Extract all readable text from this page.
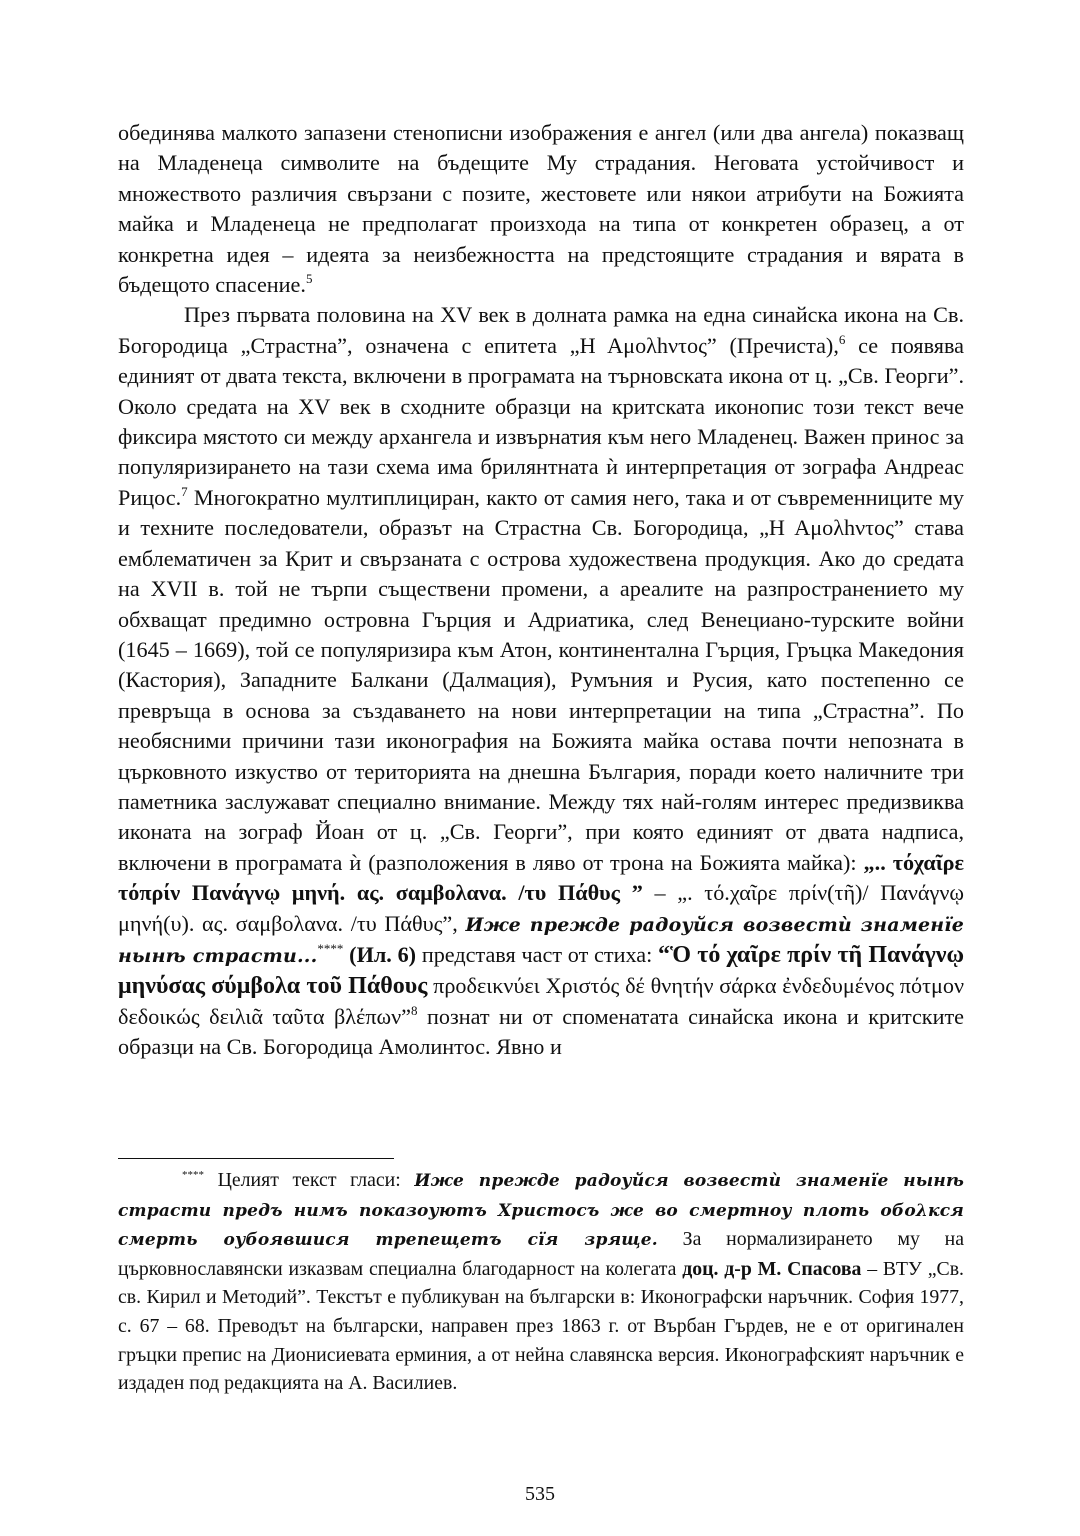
обединява малкото запазени стенописни изображения е ангел (или два ангела) показващ на Младенеца символите на бъдещите Му страдания. Неговата устойчивост и множеството различия свързани с позите, жестовете или някои атрибути на Божията майка и Младенеца не предполагат произхода на типа от конкретен образец, а от конкретна идея – идеята за неизбежността на предстоящите страдания и вярата в бъдещото спасение.$^5$

През първата половина на XV век в долната рамка на една синайска икона на Св. Богородица „Страстна”, означена с епитета „Η Αμολhντος” (Пречиста),$^6$ се появява единият от двата текста, включени в програмата на търновската икона от ц. „Св. Георги”. Около средата на XV век в сходните образци на критската иконопис този текст вече фиксира мястото си между архангела и извърнатия към него Младенец. Важен принос за популяризирането на тази схема има брилянтната ѝ интерпретация от зографа Андреас Рицос.$^7$ Многократно мултиплициран, както от самия него, така и от съвременниците му и техните последователи, образът на Страстна Св. Богородица, „Η Αμολhντος” става емблематичен за Крит и свързаната с острова художествена продукция. Ако до средата на XVII в. той не търпи съществени промени, а ареалите на разпространението му обхващат предимно островна Гърция и Адриатика, след Венециано-турските войни (1645 – 1669), той се популяризира към Атон, континентална Гърция, Гръцка Македония (Кастория), Западните Балкани (Далмация), Румъния и Русия, като постепенно се превръща в основа за създаването на нови интерпретации на типа „Страстна”. По необясними причини тази иконография на Божията майка остава почти непозната в църковното изкуство от територията на днешна България, поради което наличните три паметника заслужават специално внимание. Между тях най-голям интерес предизвиква иконата на зограф Йоан от ц. „Св. Георги”, при която единият от двата надписа, включени в програмата ѝ (разположения в ляво от трона на Божията майка): „.. τόχαῖρε τόπρίν Πανάγνῳ μηνή. ας. σαμβολανα. /τυ Πάθυς ” – „. τό.χαῖρε πρίν(τῆ)/ Πανάγνῳ μηνή(υ). ας. σαμβολανα. /τυ Πάθυς”, Иже прежде радоуйся возвестѝ знаменїе нынѣ страсти...**** (Ил. 6) представя част от стиха: “Ὁ τό χαῖρε πρίν τῆ Πανάγνῳ μηνύσας σύμβολα τοῦ Πάθους προδεικνύει Χριστός δέ θνητήν σάρκα ἐνδεδυμένος πότμον δεδοικώς δειλιᾶ ταῦτα βλέπων”$^8$ познат ни от споменатата синайска икона и критските образци на Св. Богородица Амолинтос. Явно и

**** Целият текст гласи: Иже прежде радоуйся возвестѝ знаменїе нынѣ страсти предъ нимъ показоуютъ Христосъ же во смертноу плоть обολкся смерть оубоявшися трепещетъ сїя зряще. За нормализирането му на църковнославянски изказвам специална благодарност на колегата доц. д-р М. Спасова – ВТУ „Св. св. Кирил и Методий”. Текстът е публикуван на български в: Иконографски наръчник. София 1977, с. 67 – 68. Преводът на български, направен през 1863 г. от Върбан Гърдев, не е от оригинален гръцки препис на Дионисиевата ерминия, а от нейна славянска версия. Иконографският наръчник е издаден под редакцията на А. Василиев.

535
